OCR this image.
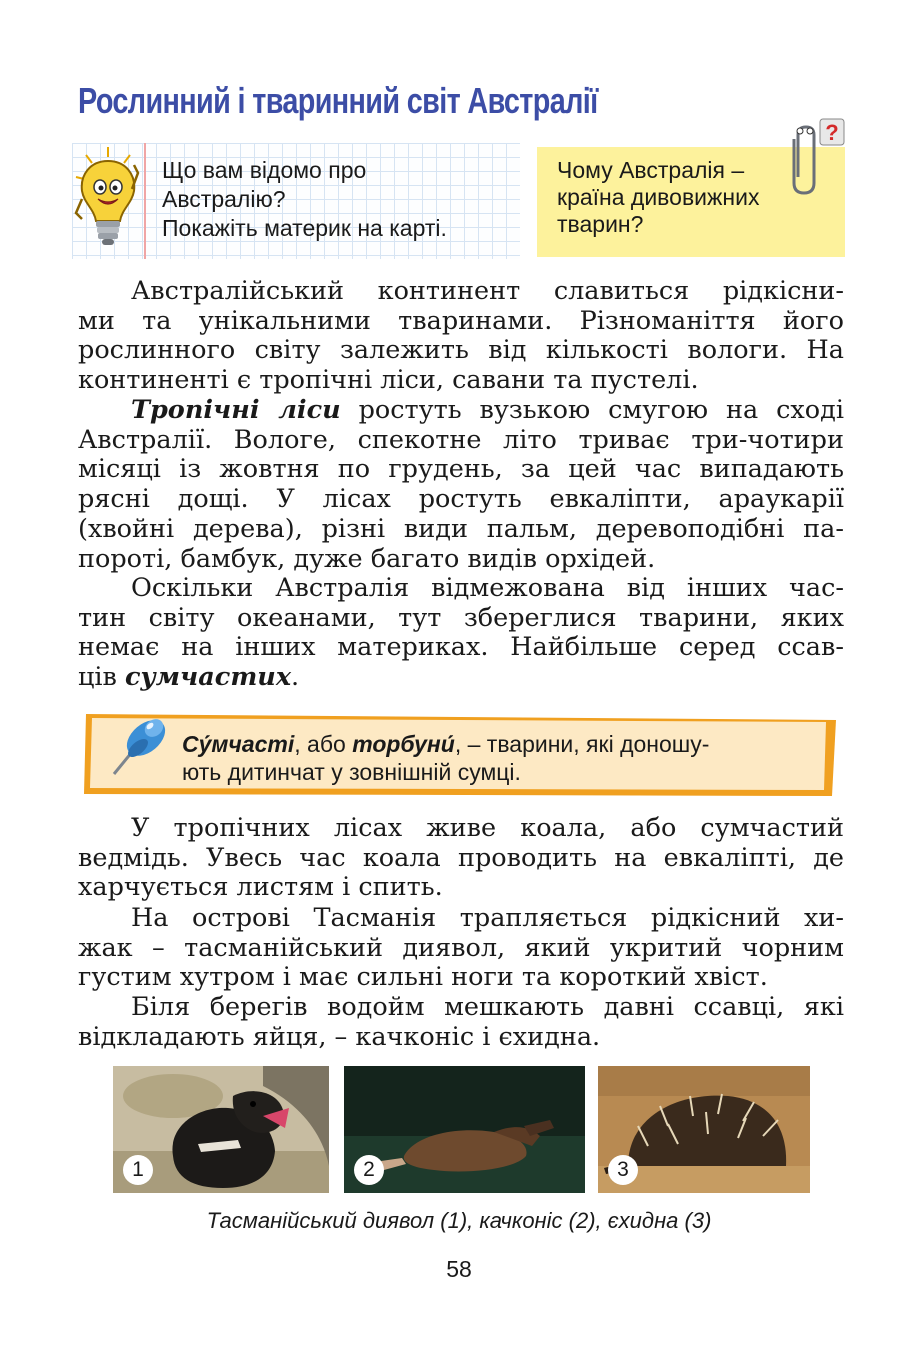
Рослинний і тваринний світ Австралії

Що вам відомо про
Австралію?
Покажіть материк на карті.

Чому Австралія –
країна дивовижних
тварин?

?

Австралійський континент славиться рідкісни-
ми та унікальними тваринами. Різноманіття його
рослинного світу залежить від кількості вологи. На
континенті є тропічні ліси, савани та пустелі.

Тропічні ліси ростуть вузькою смугою на сході
Австралії. Вологе, спекотне літо триває три-чотири
місяці із жовтня по грудень, за цей час випадають
рясні дощі. У лісах ростуть евкаліпти, араукарії
(хвойні дерева), різні види пальм, деревоподібні па-
пороті, бамбук, дуже багато видів орхідей.

Оскільки Австралія відмежована від інших час-
тин світу океанами, тут збереглися тварини, яких
немає на інших материках. Найбільше серед ссав-
ців сумчастих.

Су́мчасті, або торбуни́, – тварини, які доношу-
ють дитинчат у зовнішній сумці.

У тропічних лісах живе коала, або сумчастий
ведмідь. Увесь час коала проводить на евкаліпті, де
харчується листям і спить.

На острові Тасманія трапляється рідкісний хи-
жак – тасманійський диявол, який укритий чорним
густим хутром і має сильні ноги та короткий хвіст.

Біля берегів водойм мешкають давні ссавці, які
відкладають яйця, – качконіс і єхидна.

1	2	3

Тасманійський диявол (1), качконіс (2), єхидна (3)

58
